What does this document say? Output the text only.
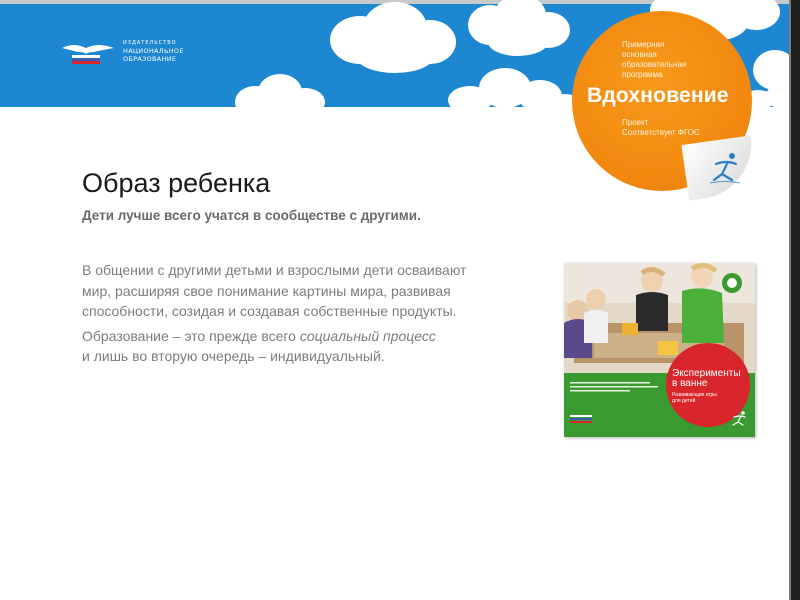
ИЗДАТЕЛЬСТВО
НАЦИОНАЛЬНОЕ
ОБРАЗОВАНИЕ
Примерная
основная
образовательная
программа
Вдохновение
Проект
Соответствует ФГОС
Образ ребенка
Дети лучше всего учатся в сообществе с другими.

В общении с другими детьми и взрослыми дети осваивают
мир, расширяя свое понимание картины мира, развивая
способности, созидая и создавая собственные продукты.

Образование – это прежде всего социальный процесс
и лишь во вторую очередь – индивидуальный.

Эксперименты
в ванне
Развивающие игры
для детей
